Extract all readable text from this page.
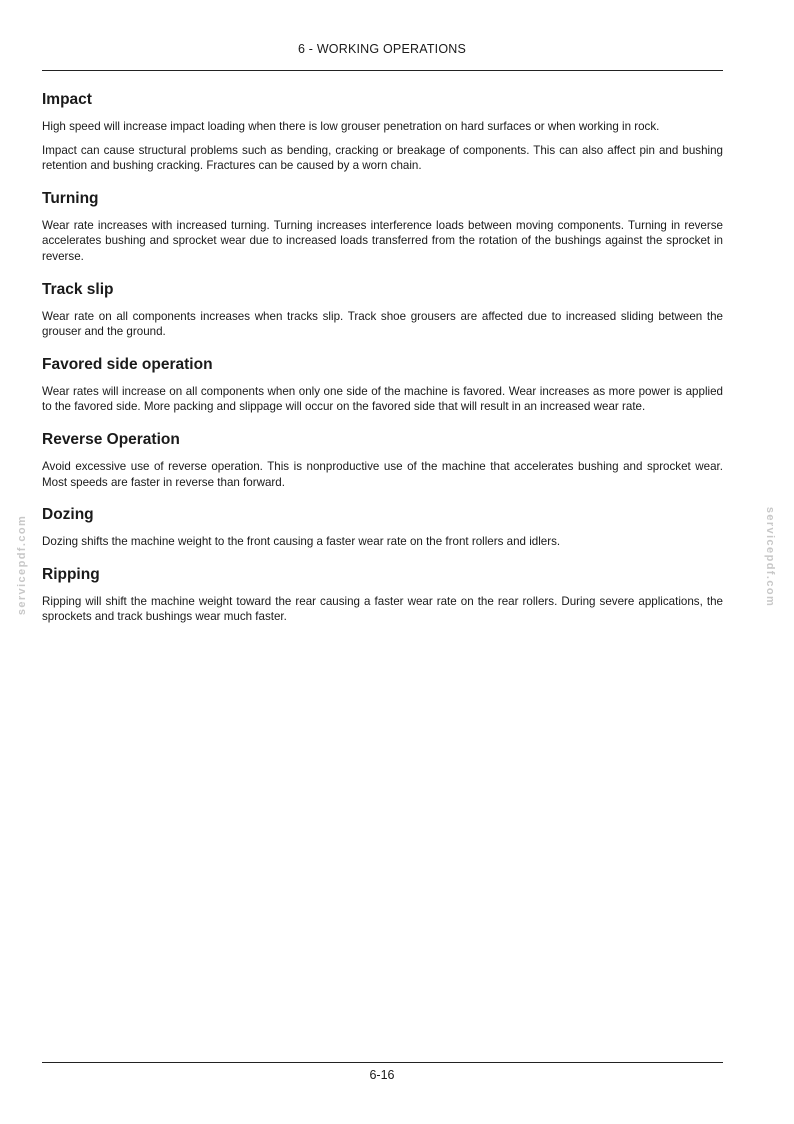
6 - WORKING OPERATIONS
Impact

High speed will increase impact loading when there is low grouser penetration on hard surfaces or when working in rock.

Impact can cause structural problems such as bending, cracking or breakage of components. This can also affect pin and bushing retention and bushing cracking. Fractures can be caused by a worn chain.

Turning

Wear rate increases with increased turning. Turning increases interference loads between moving components. Turning in reverse accelerates bushing and sprocket wear due to increased loads transferred from the rotation of the bushings against the sprocket in reverse.

Track slip

Wear rate on all components increases when tracks slip. Track shoe grousers are affected due to increased sliding between the grouser and the ground.

Favored side operation

Wear rates will increase on all components when only one side of the machine is favored. Wear increases as more power is applied to the favored side. More packing and slippage will occur on the favored side that will result in an increased wear rate.

Reverse Operation

Avoid excessive use of reverse operation. This is nonproductive use of the machine that accelerates bushing and sprocket wear. Most speeds are faster in reverse than forward.

Dozing

Dozing shifts the machine weight to the front causing a faster wear rate on the front rollers and idlers.

Ripping

Ripping will shift the machine weight toward the rear causing a faster wear rate on the rear rollers. During severe applications, the sprockets and track bushings wear much faster.

servicepdf.com	servicepdf.com
6-16
